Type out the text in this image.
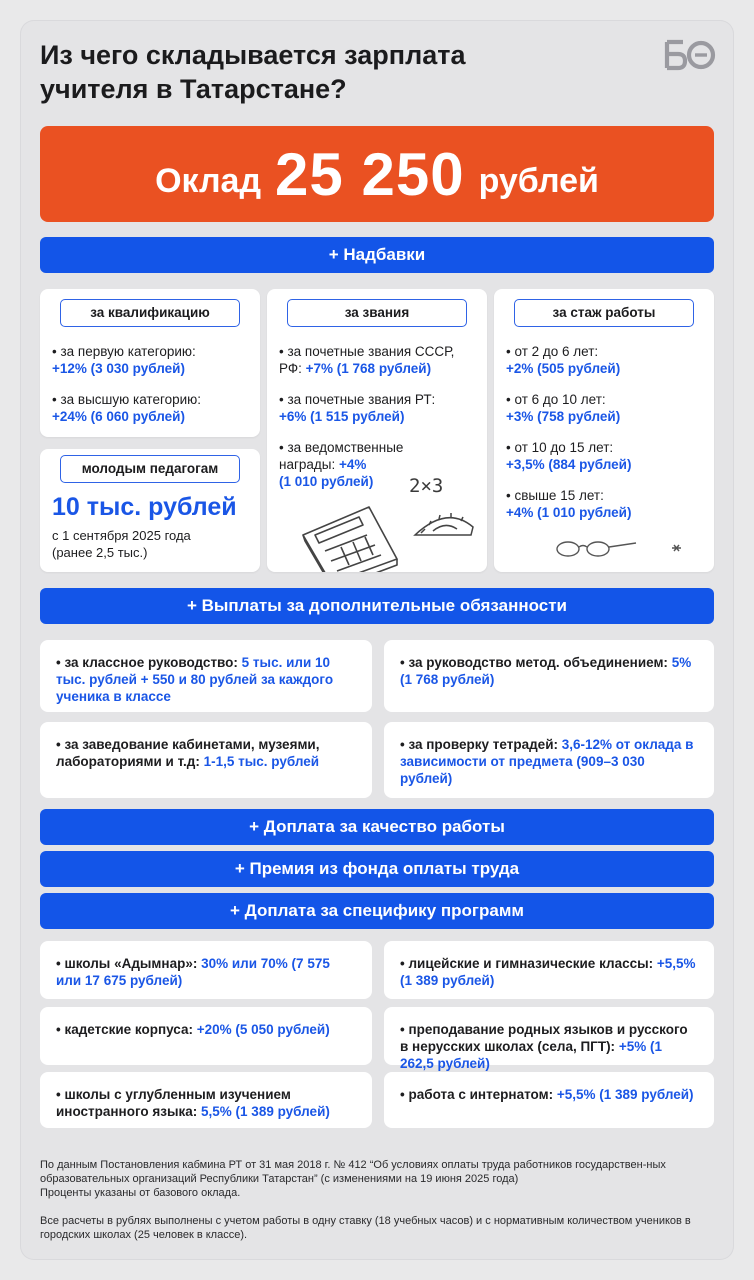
Из чего складывается зарплата учителя в Татарстане?
Оклад 25 250 рублей
+ Надбавки
за квалификацию
• за первую категорию:
+12% (3 030 рублей)
• за высшую категорию:
+24% (6 060 рублей)
молодым педагогам
10 тыс. рублей
с 1 сентября 2025 года
(ранее 2,5 тыс.)
за звания
• за почетные звания СССР, РФ: +7% (1 768 рублей)
• за почетные звания РТ:
+6% (1 515 рублей)
• за ведомственные награды: +4%
(1 010 рублей)	2×3
за стаж работы
• от 2 до 6 лет:
+2% (505 рублей)
• от 6 до 10 лет:
+3% (758 рублей)
• от 10 до 15 лет:
+3,5% (884 рублей)
• свыше 15 лет:
+4% (1 010 рублей)
+ Выплаты за дополнительные обязанности
• за классное руководство: 5 тыс. или 10 тыс. рублей + 550 и 80 рублей за каждого ученика в классе
• за руководство метод. объединением: 5% (1 768 рублей)
• за заведование кабинетами, музеями, лабораториями и т.д: 1-1,5 тыс. рублей
• за проверку тетрадей: 3,6-12% от оклада в зависимости от предмета (909–3 030 рублей)
+ Доплата за качество работы
+ Премия из фонда оплаты труда
+ Доплата за специфику программ
• школы «Адымнар»: 30% или 70% (7 575 или 17 675 рублей)
• лицейские и гимназические классы: +5,5% (1 389 рублей)
• кадетские корпуса: +20% (5 050 рублей)	• преподавание родных языков и русского в нерусских школах (села, ПГТ): +5% (1 262,5 рублей)
• школы с углубленным изучением иностранного языка: 5,5% (1 389 рублей)
• работа с интернатом: +5,5% (1 389 рублей)
По данным Постановления кабмина РТ от 31 мая 2018 г. № 412 “Об условиях оплаты труда работников государствен-ных образовательных организаций Республики Татарстан” (с изменениями на 19 июня 2025 года)
Проценты указаны от базового оклада.
Все расчеты в рублях выполнены с учетом работы в одну ставку (18 учебных часов) и с нормативным количеством учеников в городских школах (25 человек в классе).
